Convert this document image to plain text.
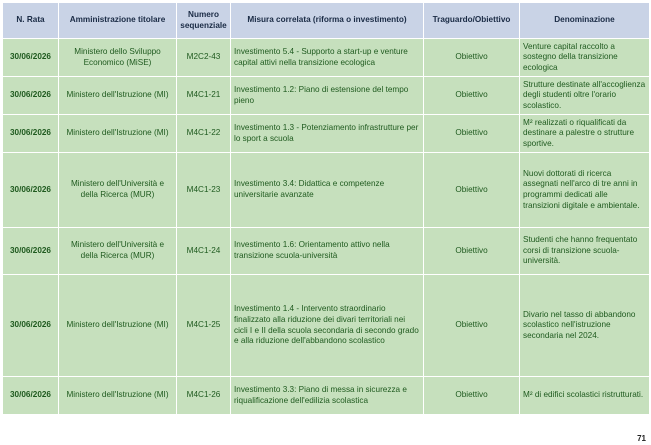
N. Rata	Amministrazione titolare	Numero sequenziale	Misura correlata (riforma o investimento)	Traguardo/Obiettivo	Denominazione
30/06/2026	Ministero dello Sviluppo Economico (MiSE)	M2C2-43	Investimento 5.4 - Supporto a start-up e venture capital attivi nella transizione ecologica	Obiettivo	Venture capital raccolto a sostegno della transizione ecologica
30/06/2026	Ministero dell'Istruzione (MI)	M4C1-21	Investimento 1.2: Piano di estensione del tempo pieno	Obiettivo	Strutture destinate all'accoglienza degli studenti oltre l'orario scolastico.
30/06/2026	Ministero dell'Istruzione (MI)	M4C1-22	Investimento 1.3 - Potenziamento infrastrutture per lo sport a scuola	Obiettivo	M² realizzati o riqualificati da destinare a palestre o strutture sportive.
30/06/2026	Ministero dell'Università e della Ricerca (MUR)	M4C1-23	Investimento 3.4: Didattica e competenze universitarie avanzate	Obiettivo	Nuovi dottorati di ricerca assegnati nell'arco di tre anni in programmi dedicati alle transizioni digitale e ambientale.
30/06/2026	Ministero dell'Università e della Ricerca (MUR)	M4C1-24	Investimento 1.6: Orientamento attivo nella transizione scuola-università	Obiettivo	Studenti che hanno frequentato corsi di transizione scuola-università.
30/06/2026	Ministero dell'Istruzione (MI)	M4C1-25	Investimento 1.4 - Intervento straordinario finalizzato alla riduzione dei divari territoriali nei cicli I e II della scuola secondaria di secondo grado e alla riduzione dell'abbandono scolastico	Obiettivo	Divario nel tasso di abbandono scolastico nell'istruzione secondaria nel 2024.
30/06/2026	Ministero dell'Istruzione (MI)	M4C1-26	Investimento 3.3: Piano di messa in sicurezza e riqualificazione dell'edilizia scolastica	Obiettivo	M² di edifici scolastici ristrutturati.
71
